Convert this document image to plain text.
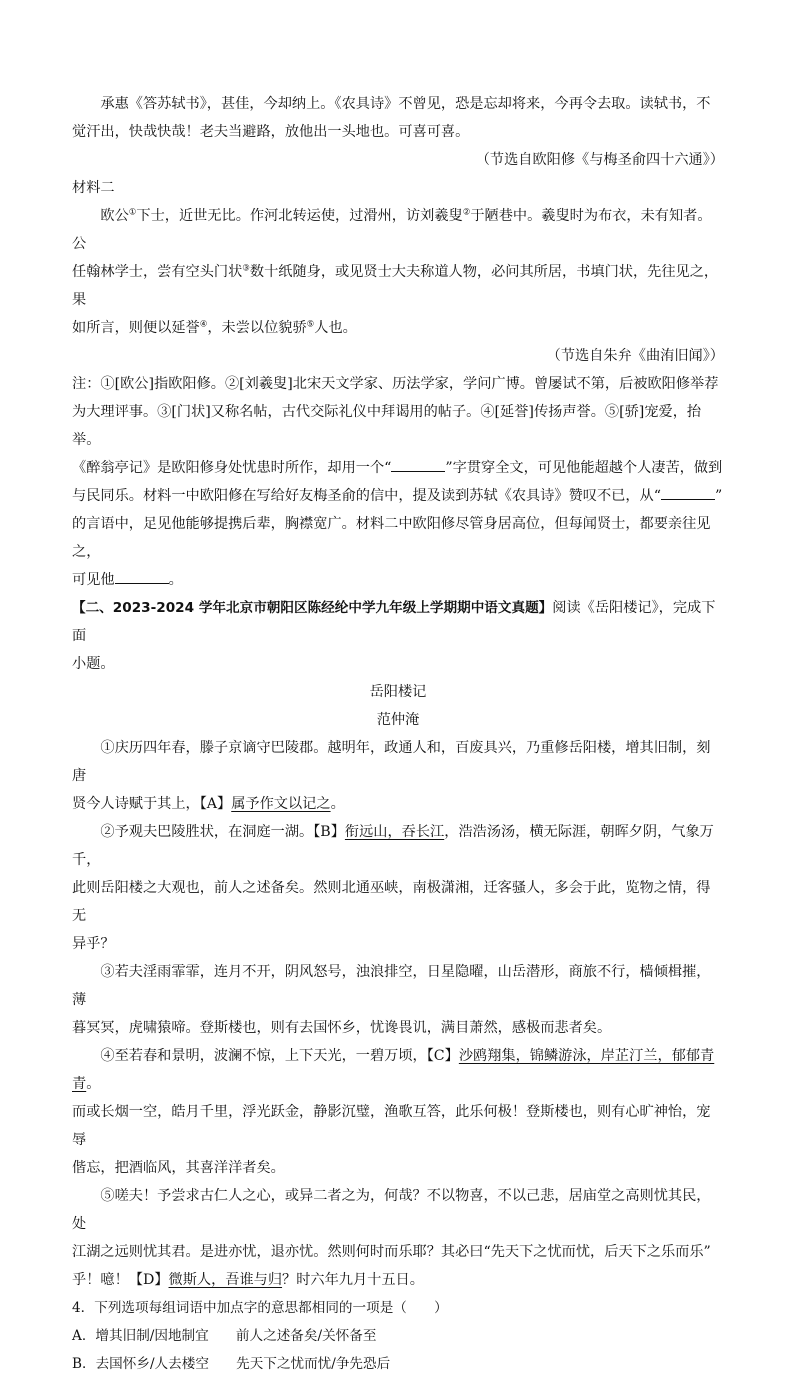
承惠《答苏轼书》，甚佳，今却纳上。《农具诗》不曾见，恐是忘却将来，今再令去取。读轼书，不

觉汗出，快哉快哉！老夫当避路，放他出一头地也。可喜可喜。

（节选自欧阳修《与梅圣俞四十六通》）

材料二

欧公①下士，近世无比。作河北转运使，过滑州，访刘羲叟②于陋巷中。羲叟时为布衣，未有知者。公

任翰林学士，尝有空头门状③数十纸随身，或见贤士大夫称道人物，必问其所居，书填门状，先往见之，果

如所言，则便以延誉④，未尝以位貌骄⑤人也。

（节选自朱弁《曲洧旧闻》）

注：①[欧公]指欧阳修。②[刘羲叟]北宋天文学家、历法学家，学问广博。曾屡试不第，后被欧阳修举荐

为大理评事。③[门状]又称名帖，古代交际礼仪中拜谒用的帖子。④[延誉]传扬声誉。⑤[骄]宠爱，抬举。

《醉翁亭记》是欧阳修身处忧患时所作，却用一个“	”字贯穿全文，可见他能超越个人凄苦，做到

与民同乐。材料一中欧阳修在写给好友梅圣俞的信中，提及读到苏轼《农具诗》赞叹不已，从“	”

的言语中，足见他能够提携后辈，胸襟宽广。材料二中欧阳修尽管身居高位，但每闻贤士，都要亲往见之，

可见他	。

【二、2023-2024 学年北京市朝阳区陈经纶中学九年级上学期期中语文真题】阅读《岳阳楼记》，完成下面

小题。

岳阳楼记

范仲淹

①庆历四年春，滕子京谪守巴陵郡。越明年，政通人和，百废具兴，乃重修岳阳楼，增其旧制，刻唐

贤今人诗赋于其上，【A】属予作文以记之。

②予观夫巴陵胜状，在洞庭一湖。【B】衔远山，吞长江，浩浩汤汤，横无际涯，朝晖夕阴，气象万千，

此则岳阳楼之大观也，前人之述备矣。然则北通巫峡，南极潇湘，迁客骚人，多会于此，览物之情，得无

异乎？

③若夫淫雨霏霏，连月不开，阴风怒号，浊浪排空，日星隐曜，山岳潜形，商旅不行，樯倾楫摧，薄

暮冥冥，虎啸猿啼。登斯楼也，则有去国怀乡，忧谗畏讥，满目萧然，感极而悲者矣。

④至若春和景明，波澜不惊，上下天光，一碧万顷，【C】沙鸥翔集，锦鳞游泳，岸芷汀兰，郁郁青青。

而或长烟一空，皓月千里，浮光跃金，静影沉璧，渔歌互答，此乐何极！登斯楼也，则有心旷神怡，宠辱

偕忘，把酒临风，其喜洋洋者矣。

⑤嗟夫！予尝求古仁人之心，或异二者之为，何哉？不以物喜，不以己悲，居庙堂之高则忧其民，处

江湖之远则忧其君。是进亦忧，退亦忧。然则何时而乐耶？其必曰“先天下之忧而忧，后天下之乐而乐”

乎！噫！【D】微斯人，吾谁与归？时六年九月十五日。

4．下列选项每组词语中加点字的意思都相同的一项是（　　）

A．增其旧制/因地制宜　　前人之述备矣/关怀备至

B．去国怀乡/人去楼空　　先天下之忧而忧/争先恐后
